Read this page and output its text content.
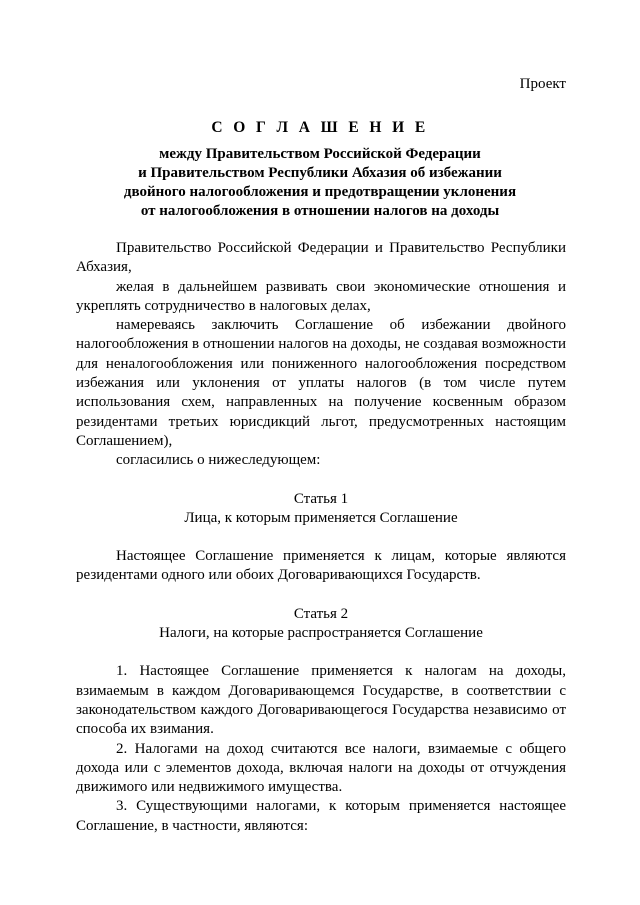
Проект
С О Г Л А Ш Е Н И Е
между Правительством Российской Федерации
и Правительством Республики Абхазия об избежании
двойного налогообложения и предотвращении уклонения
от налогообложения в отношении налогов на доходы

Правительство Российской Федерации и Правительство Республики Абхазия,

желая в дальнейшем развивать свои экономические отношения и укреплять сотрудничество в налоговых делах,

намереваясь заключить Соглашение об избежании двойного налогообложения в отношении налогов на доходы, не создавая возможности для неналогообложения или пониженного налогообложения посредством избежания или уклонения от уплаты налогов (в том числе путем использования схем, направленных на получение косвенным образом резидентами третьих юрисдикций льгот, предусмотренных настоящим Соглашением),

согласились о нижеследующем:

Статья 1

Лица, к которым применяется Соглашение

Настоящее Соглашение применяется к лицам, которые являются резидентами одного или обоих Договаривающихся Государств.

Статья 2

Налоги, на которые распространяется Соглашение

1. Настоящее Соглашение применяется к налогам на доходы, взимаемым в каждом Договаривающемся Государстве, в соответствии с законодательством каждого Договаривающегося Государства независимо от способа их взимания.

2. Налогами на доход считаются все налоги, взимаемые с общего дохода или с элементов дохода, включая налоги на доходы от отчуждения движимого или недвижимого имущества.

3. Существующими налогами, к которым применяется настоящее Соглашение, в частности, являются:
